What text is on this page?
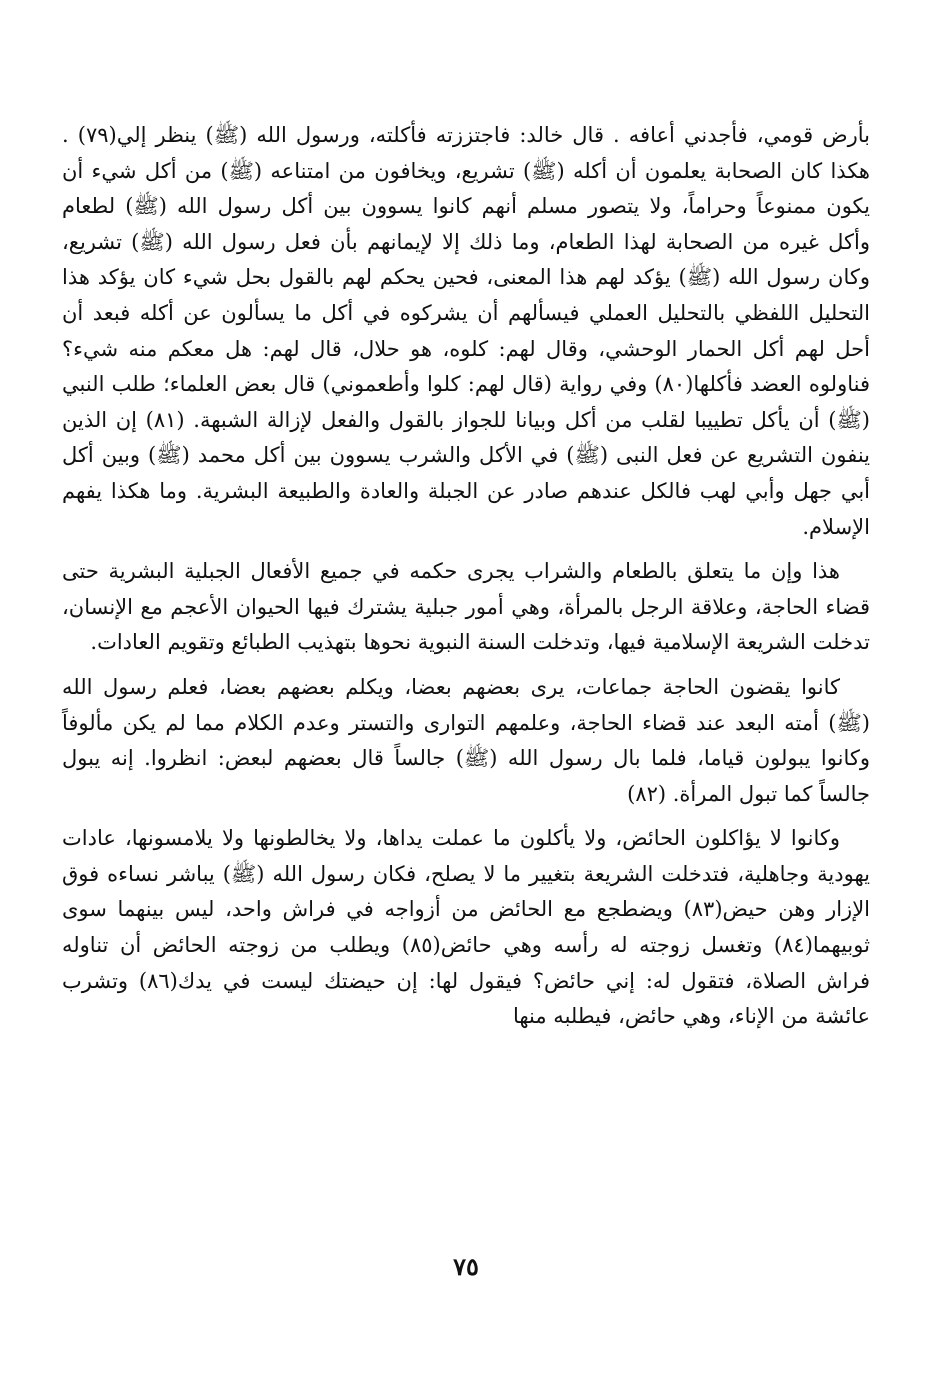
بأرض قومي، فأجدني أعافه . قال خالد: فاجتززته فأكلته، ورسول الله (ﷺ) ينظر إلي(٧٩) . هكذا كان الصحابة يعلمون أن أكله (ﷺ) تشريع، ويخافون من امتناعه (ﷺ) من أكل شيء أن يكون ممنوعاً وحراماً، ولا يتصور مسلم أنهم كانوا يسوون بين أكل رسول الله (ﷺ) لطعام وأكل غيره من الصحابة لهذا الطعام، وما ذلك إلا لإيمانهم بأن فعل رسول الله (ﷺ) تشريع، وكان رسول الله (ﷺ) يؤكد لهم هذا المعنى، فحين يحكم لهم بالقول بحل شيء كان يؤكد هذا التحليل اللفظي بالتحليل العملي فيسألهم أن يشركوه في أكل ما يسألون عن أكله فبعد أن أحل لهم أكل الحمار الوحشي، وقال لهم: كلوه، هو حلال، قال لهم: هل معكم منه شيء؟ فناولوه العضد فأكلها(٨٠) وفي رواية (قال لهم: كلوا وأطعموني) قال بعض العلماء؛ طلب النبي (ﷺ) أن يأكل تطييبا لقلب من أكل وبيانا للجواز بالقول والفعل لإزالة الشبهة. (٨١) إن الذين ينفون التشريع عن فعل النبى (ﷺ) في الأكل والشرب يسوون بين أكل محمد (ﷺ) وبين أكل أبي جهل وأبي لهب فالكل عندهم صادر عن الجبلة والعادة والطبيعة البشرية. وما هكذا يفهم الإسلام.

هذا وإن ما يتعلق بالطعام والشراب يجرى حكمه في جميع الأفعال الجبلية البشرية حتى قضاء الحاجة، وعلاقة الرجل بالمرأة، وهي أمور جبلية يشترك فيها الحيوان الأعجم مع الإنسان، تدخلت الشريعة الإسلامية فيها، وتدخلت السنة النبوية نحوها بتهذيب الطبائع وتقويم العادات.

كانوا يقضون الحاجة جماعات، يرى بعضهم بعضا، ويكلم بعضهم بعضا، فعلم رسول الله (ﷺ) أمته البعد عند قضاء الحاجة، وعلمهم التوارى والتستر وعدم الكلام مما لم يكن مألوفاً وكانوا يبولون قياما، فلما بال رسول الله (ﷺ) جالساً قال بعضهم لبعض: انظروا. إنه يبول جالساً كما تبول المرأة. (٨٢)

وكانوا لا يؤاكلون الحائض، ولا يأكلون ما عملت يداها، ولا يخالطونها ولا يلامسونها، عادات يهودية وجاهلية، فتدخلت الشريعة بتغيير ما لا يصلح، فكان رسول الله (ﷺ) يباشر نساءه فوق الإزار وهن حيض(٨٣) ويضطجع مع الحائض من أزواجه في فراش واحد، ليس بينهما سوى ثوبيهما(٨٤) وتغسل زوجته له رأسه وهي حائض(٨٥) ويطلب من زوجته الحائض أن تناوله فراش الصلاة، فتقول له: إني حائض؟ فيقول لها: إن حيضتك ليست في يدك(٨٦) وتشرب عائشة من الإناء، وهي حائض، فيطلبه منها

٧٥
